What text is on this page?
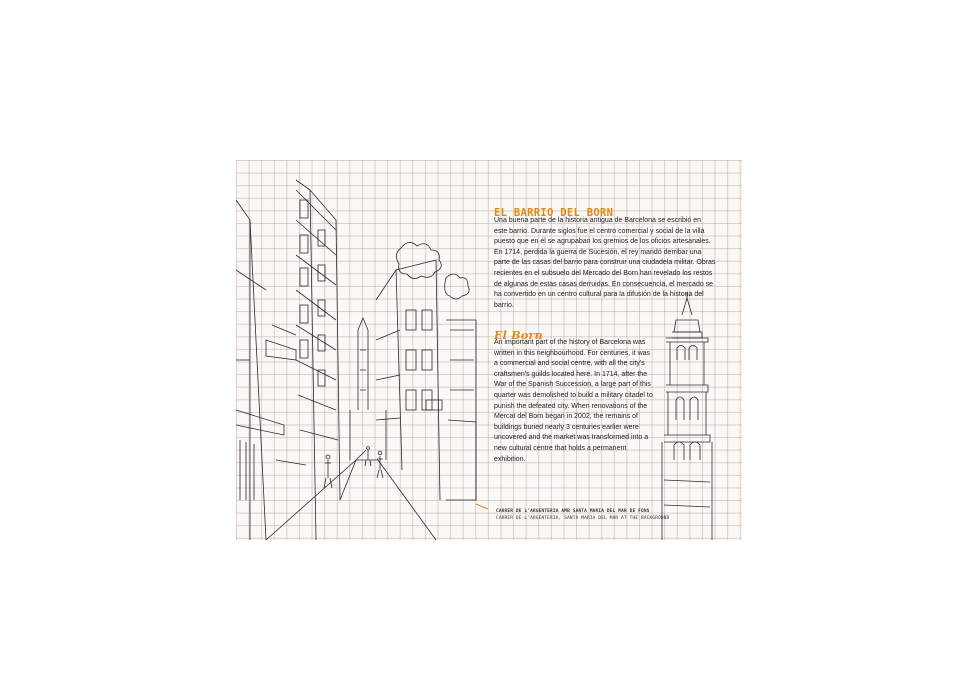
EL BARRIO DEL BORN

Una buena parte de la historia antigua de Barcelona se escribió en este barrio. Durante siglos fue el centro comercial y social de la villa puesto que en él se agrupaban los gremios de los oficios artesanales. En 1714, perdida la guerra de Sucesión, el rey mandó derribar una parte de las casas del barrio para construir una ciudadela militar. Obras recientes en el subsuelo del Mercado del Born han revelado los restos de algunas de estas casas derruidas. En consecuencia, el mercado se ha convertido en un centro cultural para la difusión de la historia del barrio.

El Born

An important part of the history of Barcelona was written in this neighbourhood. For centuries, it was a commercial and social centre, with all the city's craftsmen's guilds located here. In 1714, after the War of the Spanish Succession, a large part of this quarter was demolished to build a military citadel to punish the defeated city. When renovations of the Mercat del Born began in 2002, the remains of buildings buried nearly 3 centuries earlier were uncovered and the market was transformed into a new cultural centre that holds a permanent exhibition.

CARRER DE L'ARGENTERIA AMB SANTA MARIA DEL MAR DE FONS
CARRER DE L'ARGENTERIA, SANTA MARIA DEL MAR AT THE BACKGROUND
